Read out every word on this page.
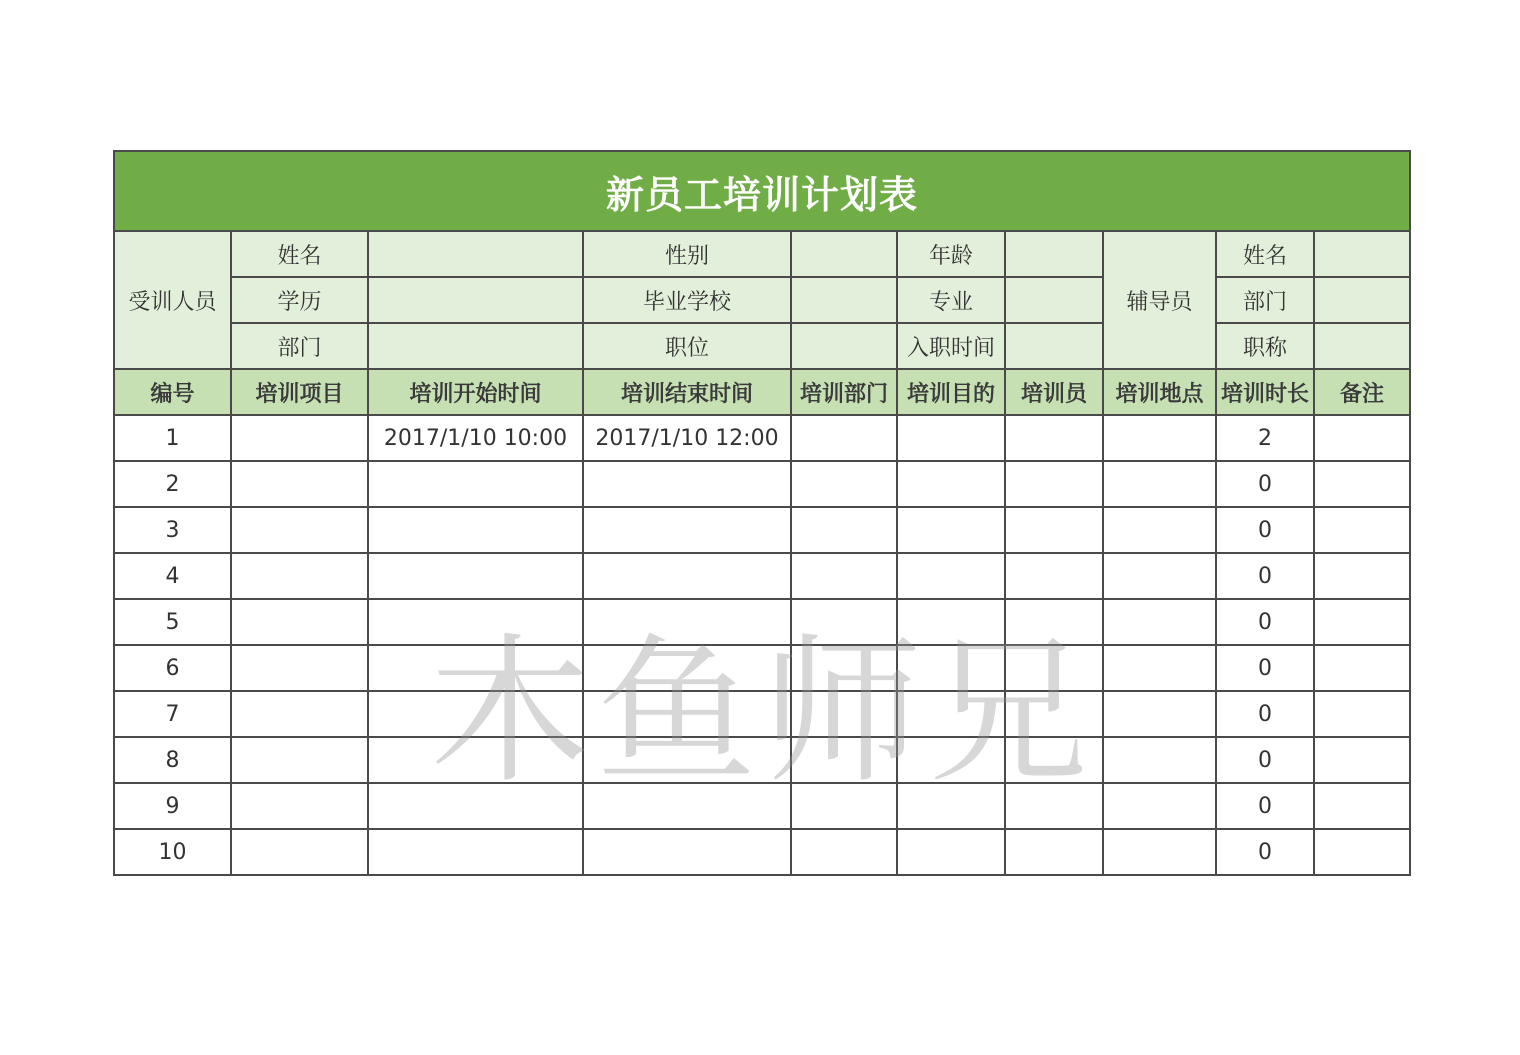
新员工培训计划表									
受训人员	姓名		性别		年龄		辅导员	姓名	
	学历		毕业学校		专业			部门	
	部门		职位		入职时间			职称	
编号	培训项目	培训开始时间	培训结束时间	培训部门	培训目的	培训员	培训地点	培训时长	备注
1		2017/1/10 10:00	2017/1/10 12:00					2	
2								0	
3								0	
4								0	
5								0	
6								0	
7								0	
8								0	
9								0	
10								0	
木鱼师兄
